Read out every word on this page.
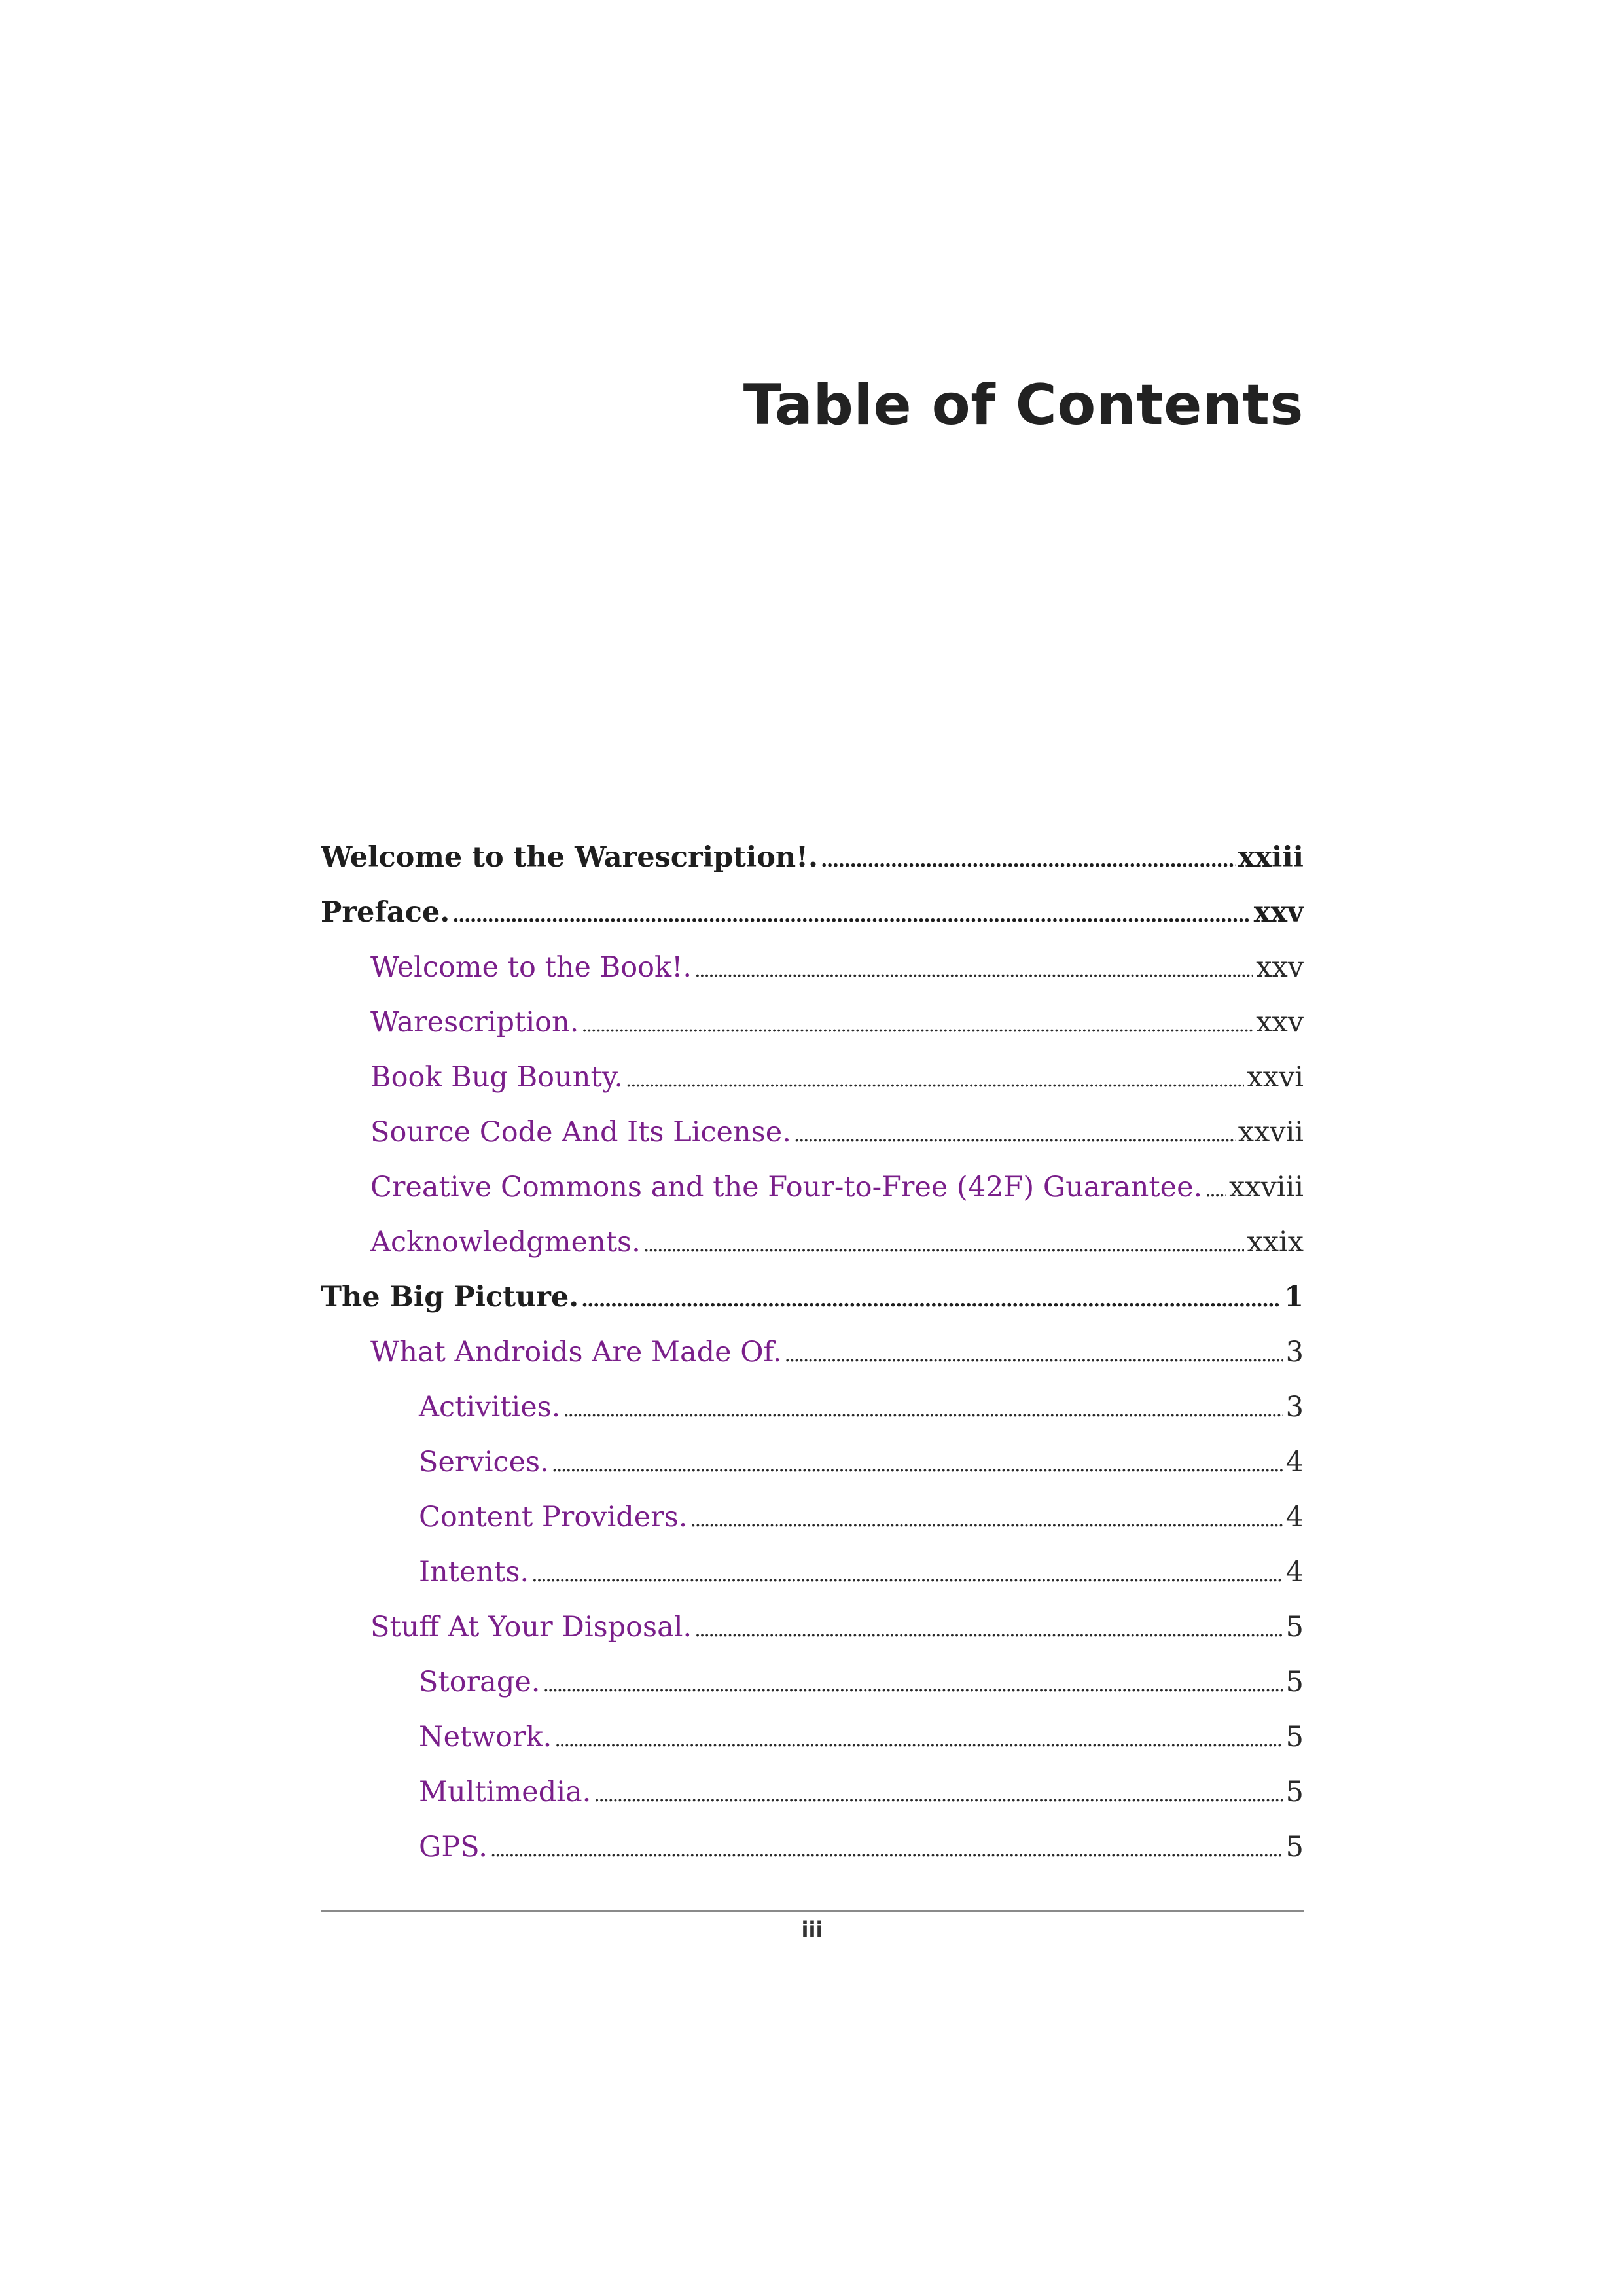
Table of Contents
Welcome to the Warescription!. . . .	xxiii
Preface. . . .	xxv
Welcome to the Book!. . . .	xxv
Warescription. . . .	xxv
Book Bug Bounty. . . .	xxvi
Source Code And Its License. . . .	xxvii
Creative Commons and the Four-to-Free (42F) Guarantee. . . . xxviii
Acknowledgments. . . .	xxix
The Big Picture. . . .	1
What Androids Are Made Of. . . .	3
Activities. . . .	3
Services. . . .	4
Content Providers. . . .	4
Intents. . . .	4
Stuff At Your Disposal. . . .	5
Storage. . . .	5
Network. . . .	5
Multimedia. . . .	5
GPS. . . .	5
iii
